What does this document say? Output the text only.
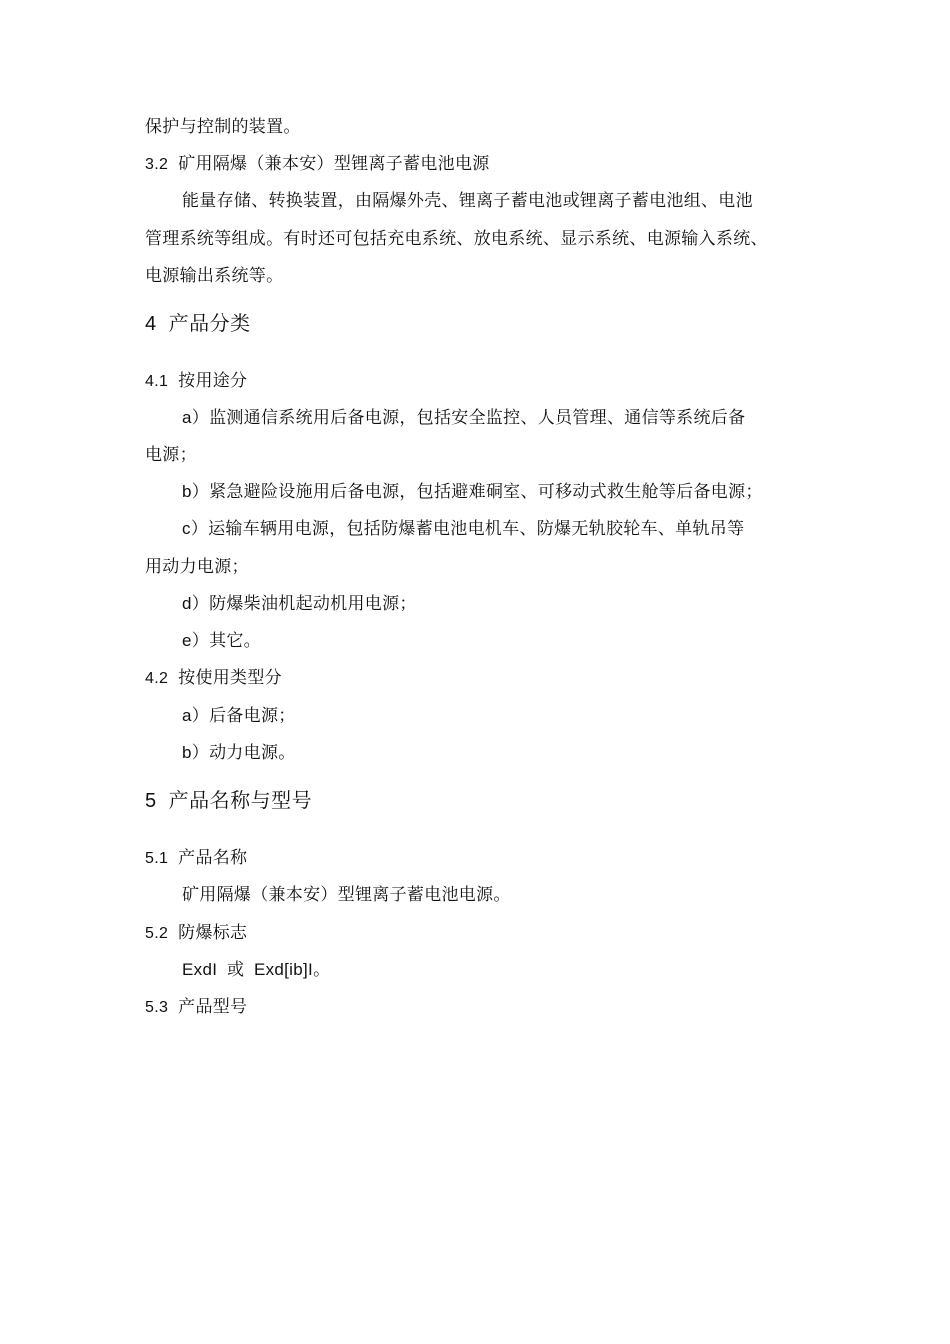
保护与控制的装置。
3.2 矿用隔爆（兼本安）型锂离子蓄电池电源
能量存储、转换装置，由隔爆外壳、锂离子蓄电池或锂离子蓄电池组、电池
管理系统等组成。有时还可包括充电系统、放电系统、显示系统、电源输入系统、
电源输出系统等。
4 产品分类
4.1 按用途分
a）监测通信系统用后备电源，包括安全监控、人员管理、通信等系统后备
电源；
b）紧急避险设施用后备电源，包括避难硐室、可移动式救生舱等后备电源；
c）运输车辆用电源，包括防爆蓄电池电机车、防爆无轨胶轮车、单轨吊等
用动力电源；
d）防爆柴油机起动机用电源；
e）其它。
4.2 按使用类型分
a）后备电源；
b）动力电源。
5 产品名称与型号
5.1 产品名称
矿用隔爆（兼本安）型锂离子蓄电池电源。
5.2 防爆标志
ExdI 或 Exd[ib]I。
5.3 产品型号
